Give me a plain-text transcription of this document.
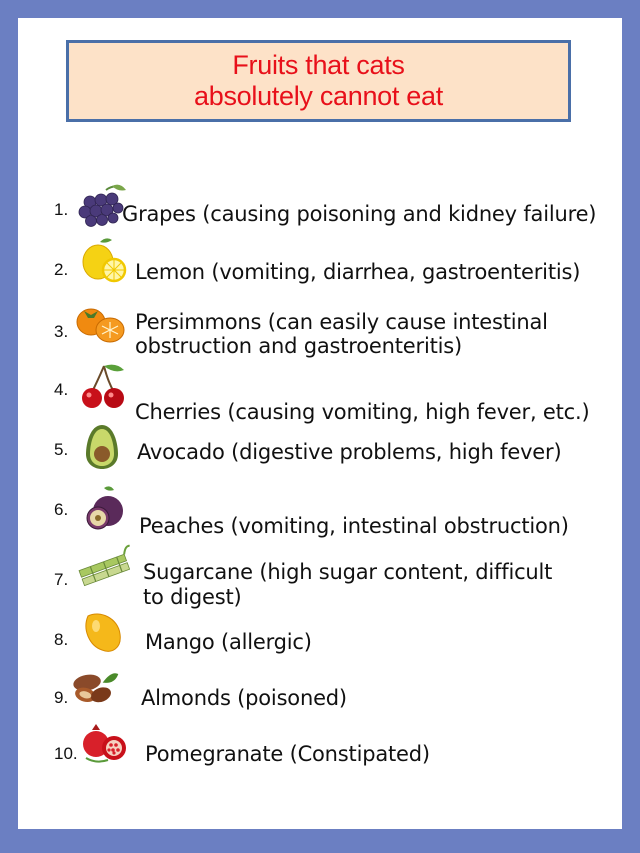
Fruits that cats
absolutely cannot eat
1.	Grapes (causing poisoning and kidney failure)
2.	Lemon (vomiting, diarrhea, gastroenteritis)
3.	Persimmons (can easily cause intestinal
obstruction and gastroenteritis)
4.
Cherries (causing vomiting, high fever, etc.)
5.	Avocado (digestive problems, high fever)
6.
Peaches (vomiting, intestinal obstruction)
7.	Sugarcane (high sugar content, difficult
to digest)
8.	Mango (allergic)
9.	Almonds (poisoned)
10.	Pomegranate (Constipated)
